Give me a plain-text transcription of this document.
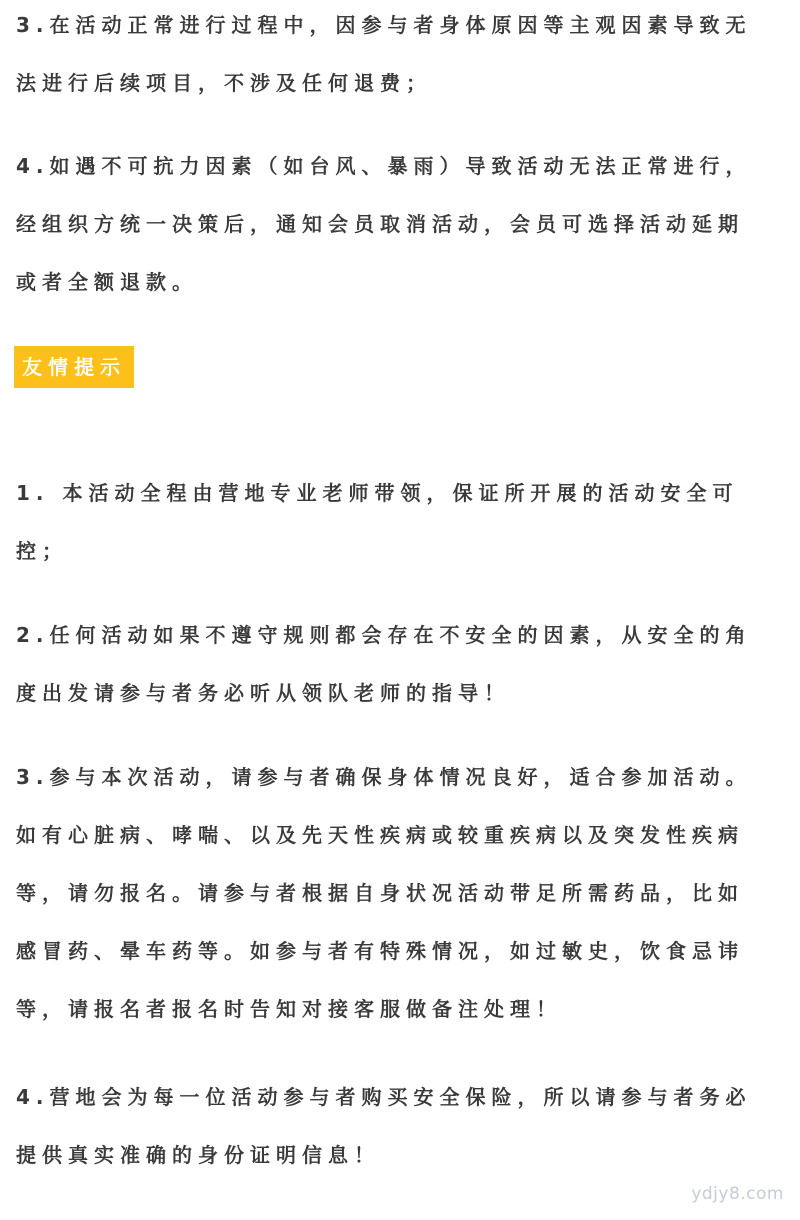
3.在活动正常进行过程中，因参与者身体原因等主观因素导致无
法进行后续项目，不涉及任何退费；
4.如遇不可抗力因素（如台风、暴雨）导致活动无法正常进行，
经组织方统一决策后，通知会员取消活动，会员可选择活动延期
或者全额退款。
友情提示
1. 本活动全程由营地专业老师带领，保证所开展的活动安全可
控；
2.任何活动如果不遵守规则都会存在不安全的因素，从安全的角
度出发请参与者务必听从领队老师的指导！
3.参与本次活动，请参与者确保身体情况良好，适合参加活动。
如有心脏病、哮喘、以及先天性疾病或较重疾病以及突发性疾病
等，请勿报名。请参与者根据自身状况活动带足所需药品，比如
感冒药、晕车药等。如参与者有特殊情况，如过敏史，饮食忌讳
等，请报名者报名时告知对接客服做备注处理！
4.营地会为每一位活动参与者购买安全保险，所以请参与者务必
提供真实准确的身份证明信息！
ydjy8.com
